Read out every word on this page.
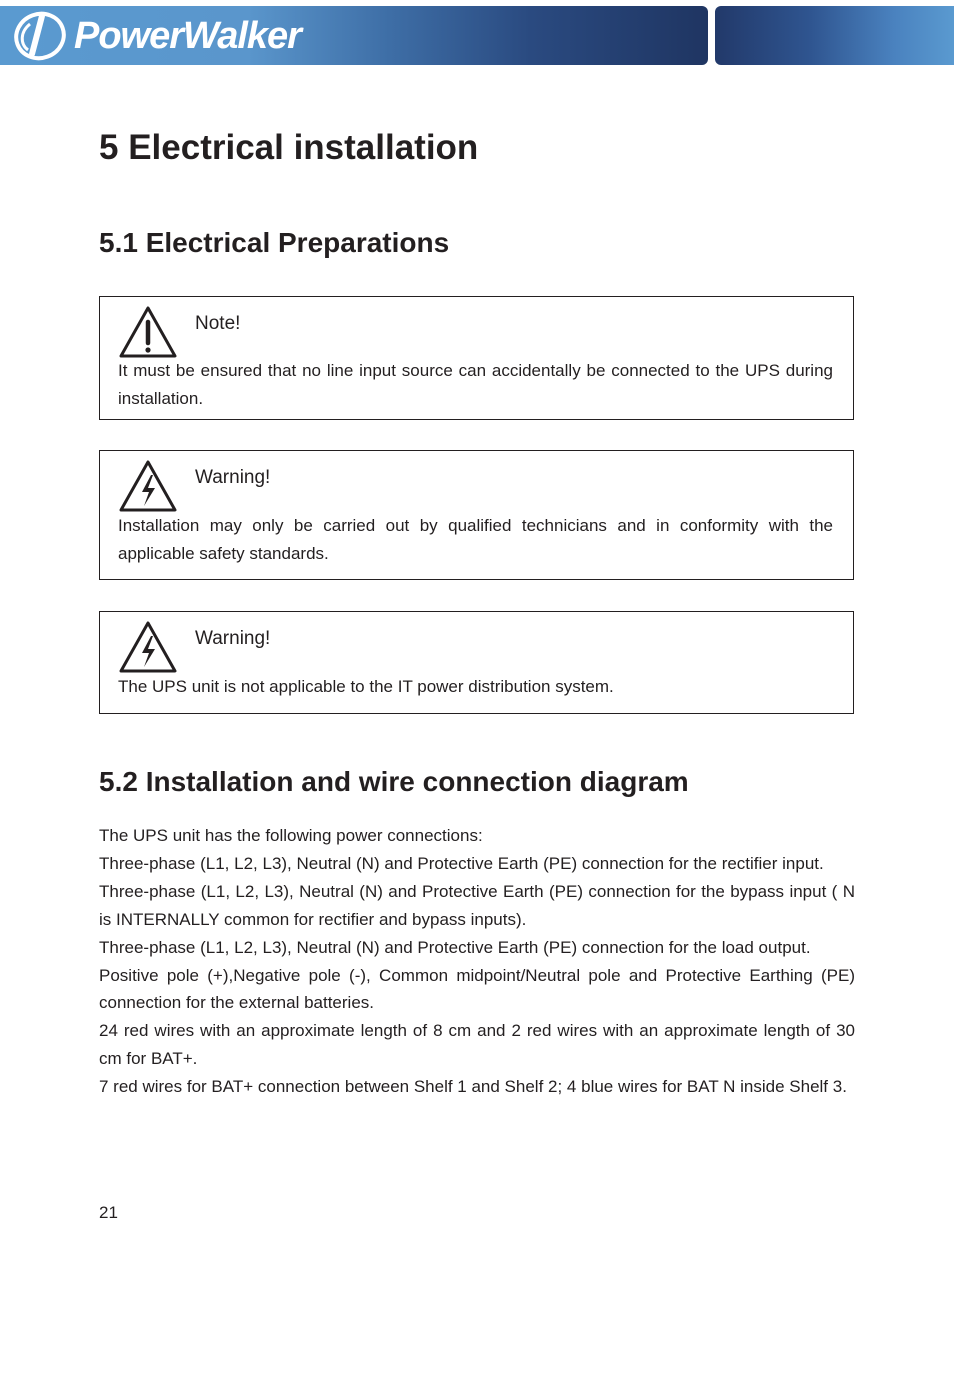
PowerWalker
5 Electrical installation
5.1 Electrical Preparations
Note!
It must be ensured that no line input source can accidentally be connected to the UPS during installation.
Warning!
Installation may only be carried out by qualified technicians and in conformity with the applicable safety standards.
Warning!
The UPS unit is not applicable to the IT power distribution system.
5.2 Installation and wire connection diagram

The UPS unit has the following power connections:

Three-phase (L1, L2, L3), Neutral (N) and Protective Earth (PE) connection for the rectifier input.

Three-phase (L1, L2, L3), Neutral (N) and Protective Earth (PE) connection for the bypass input ( N is INTERNALLY common for rectifier and bypass inputs).

Three-phase (L1, L2, L3), Neutral (N) and Protective Earth (PE) connection for the load output.

Positive pole (+),Negative pole (-), Common midpoint/Neutral pole and Protective Earthing (PE) connection for the external batteries.

24 red wires with an approximate length of 8 cm and 2 red wires with an approximate length of 30 cm for BAT+.

7 red wires for BAT+ connection between Shelf 1 and Shelf 2; 4 blue wires for BAT N inside Shelf 3.

21
